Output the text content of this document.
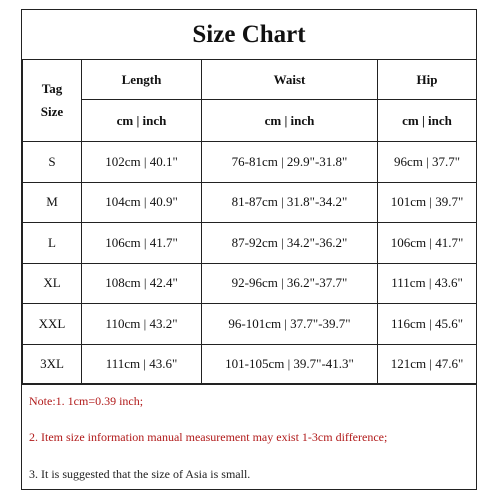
Size Chart
Tag
Size	Length	Waist	Hip
	cm | inch	cm | inch	cm | inch
S	102cm | 40.1"	76-81cm | 29.9"-31.8"	96cm | 37.7"
M	104cm | 40.9"	81-87cm | 31.8"-34.2"	101cm | 39.7"
L	106cm | 41.7"	87-92cm | 34.2"-36.2"	106cm | 41.7"
XL	108cm | 42.4"	92-96cm | 36.2"-37.7"	111cm | 43.6"
XXL	110cm | 43.2"	96-101cm | 37.7"-39.7"	116cm | 45.6"
3XL	111cm | 43.6"	101-105cm | 39.7"-41.3"	121cm | 47.6"
Note:1. 1cm=0.39 inch;
2. Item size information manual measurement may exist 1-3cm difference;
3. It is suggested that the size of Asia is small.
